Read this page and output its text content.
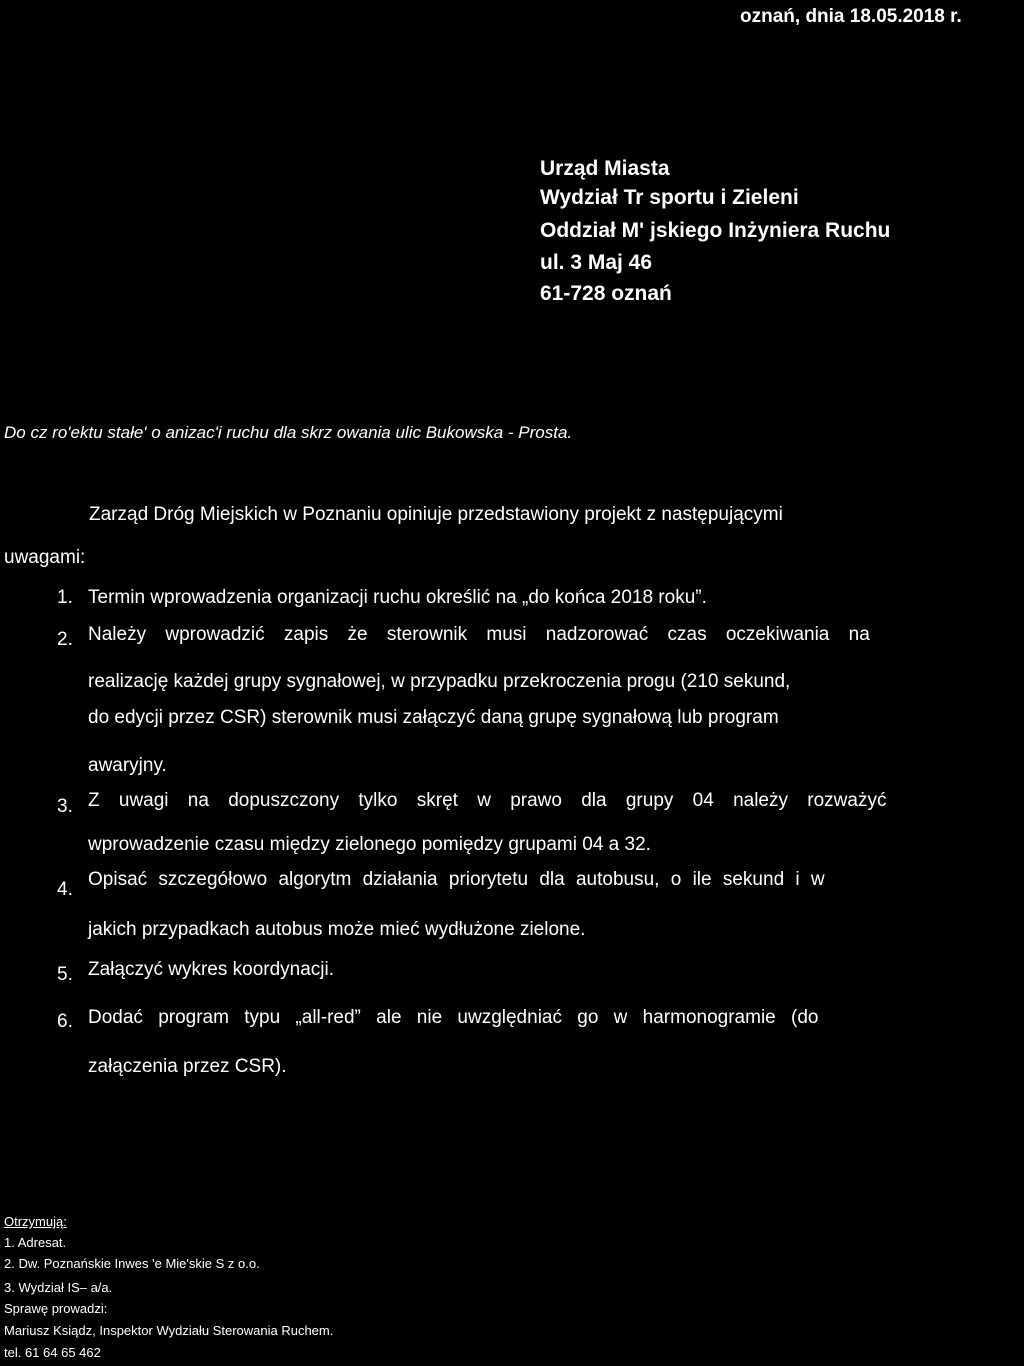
oznań, dnia 18.05.2018 r.
Urząd Miasta
Wydział Tr sportu i Zieleni
Oddział M' jskiego Inżyniera Ruchu
ul. 3 Maj 46
61-728 oznań
Do cz ro'ektu stałe' o anizac'i ruchu dla skrz owania ulic Bukowska - Prosta.
Zarząd Dróg Miejskich w Poznaniu opiniuje przedstawiony projekt z następującymi
uwagami:
1. Termin wprowadzenia organizacji ruchu określić na „do końca 2018 roku”.
2. Należy wprowadzić zapis że sterownik musi nadzorować czas oczekiwania na
realizację każdej grupy sygnałowej, w przypadku przekroczenia progu (210 sekund,
do edycji przez CSR) sterownik musi załączyć daną grupę sygnałową lub program
awaryjny.
3. Z uwagi na dopuszczony tylko skręt w prawo dla grupy 04 należy rozważyć
wprowadzenie czasu między zielonego pomiędzy grupami 04 a 32.
4. Opisać szczegółowo algorytm działania priorytetu dla autobusu, o ile sekund i w
jakich przypadkach autobus może mieć wydłużone zielone.
5. Załączyć wykres koordynacji.
6. Dodać program typu „all-red” ale nie uwzględniać go w harmonogramie (do
załączenia przez CSR).
Otrzymują:
1. Adresat.
2. Dw. Poznańskie Inwes 'e Mie'skie S z o.o.
3. Wydział IS– a/a.
Sprawę prowadzi:
Mariusz Ksiądz, Inspektor Wydziału Sterowania Ruchem.
tel. 61 64 65 462
